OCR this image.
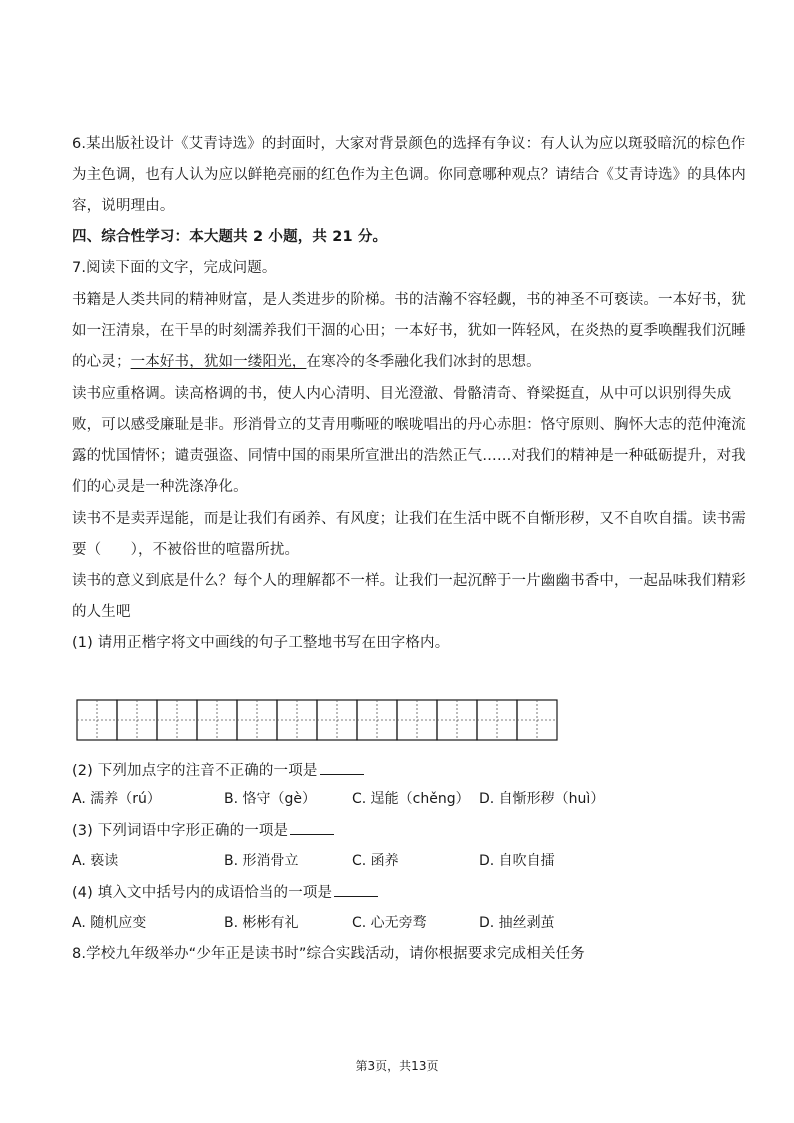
6.某出版社设计《艾青诗选》的封面时，大家对背景颜色的选择有争议：有人认为应以斑驳暗沉的棕色作

为主色调，也有人认为应以鲜艳亮丽的红色作为主色调。你同意哪种观点？请结合《艾青诗选》的具体内

容，说明理由。

四、综合性学习：本大题共 2 小题，共 21 分。

7.阅读下面的文字，完成问题。

书籍是人类共同的精神财富，是人类进步的阶梯。书的洁瀚不容轻觑，书的神圣不可亵读。一本好书，犹

如一汪清泉，在干旱的时刻濡养我们干涸的心田；一本好书，犹如一阵轻风，在炎热的夏季唤醒我们沉睡

的心灵；一本好书，犹如一缕阳光，在寒冷的冬季融化我们冰封的思想。

读书应重格调。读高格调的书，使人内心清明、目光澄澈、骨骼清奇、脊梁挺直，从中可以识别得失成

败，可以感受廉耻是非。形消骨立的艾青用嘶哑的喉咙唱出的丹心赤胆：恪守原则、胸怀大志的范仲淹流

露的忧国情怀；谴责强盗、同情中国的雨果所宣泄出的浩然正气……对我们的精神是一种砥砺提升，对我

们的心灵是一种洗涤净化。

读书不是卖弄逞能，而是让我们有函养、有风度；让我们在生活中既不自惭形秽，又不自吹自擂。读书需

要（　　），不被俗世的喧嚣所扰。

读书的意义到底是什么？每个人的理解都不一样。让我们一起沉醉于一片幽幽书香中，一起品味我们精彩

的人生吧

(1) 请用正楷字将文中画线的句子工整地书写在田字格内。

(2) 下列加点字的注音不正确的一项是

A. 濡养（rú）	B. 恪守（gè）	C. 逞能（chěng） D. 自惭形秽（huì）

(3) 下列词语中字形正确的一项是

A. 亵读	B. 形消骨立	C. 函养	D. 自吹自擂

(4) 填入文中括号内的成语恰当的一项是

A. 随机应变	B. 彬彬有礼	C. 心无旁骛	D. 抽丝剥茧

8.学校九年级举办“少年正是读书时”综合实践活动，请你根据要求完成相关任务

第3页，共13页
